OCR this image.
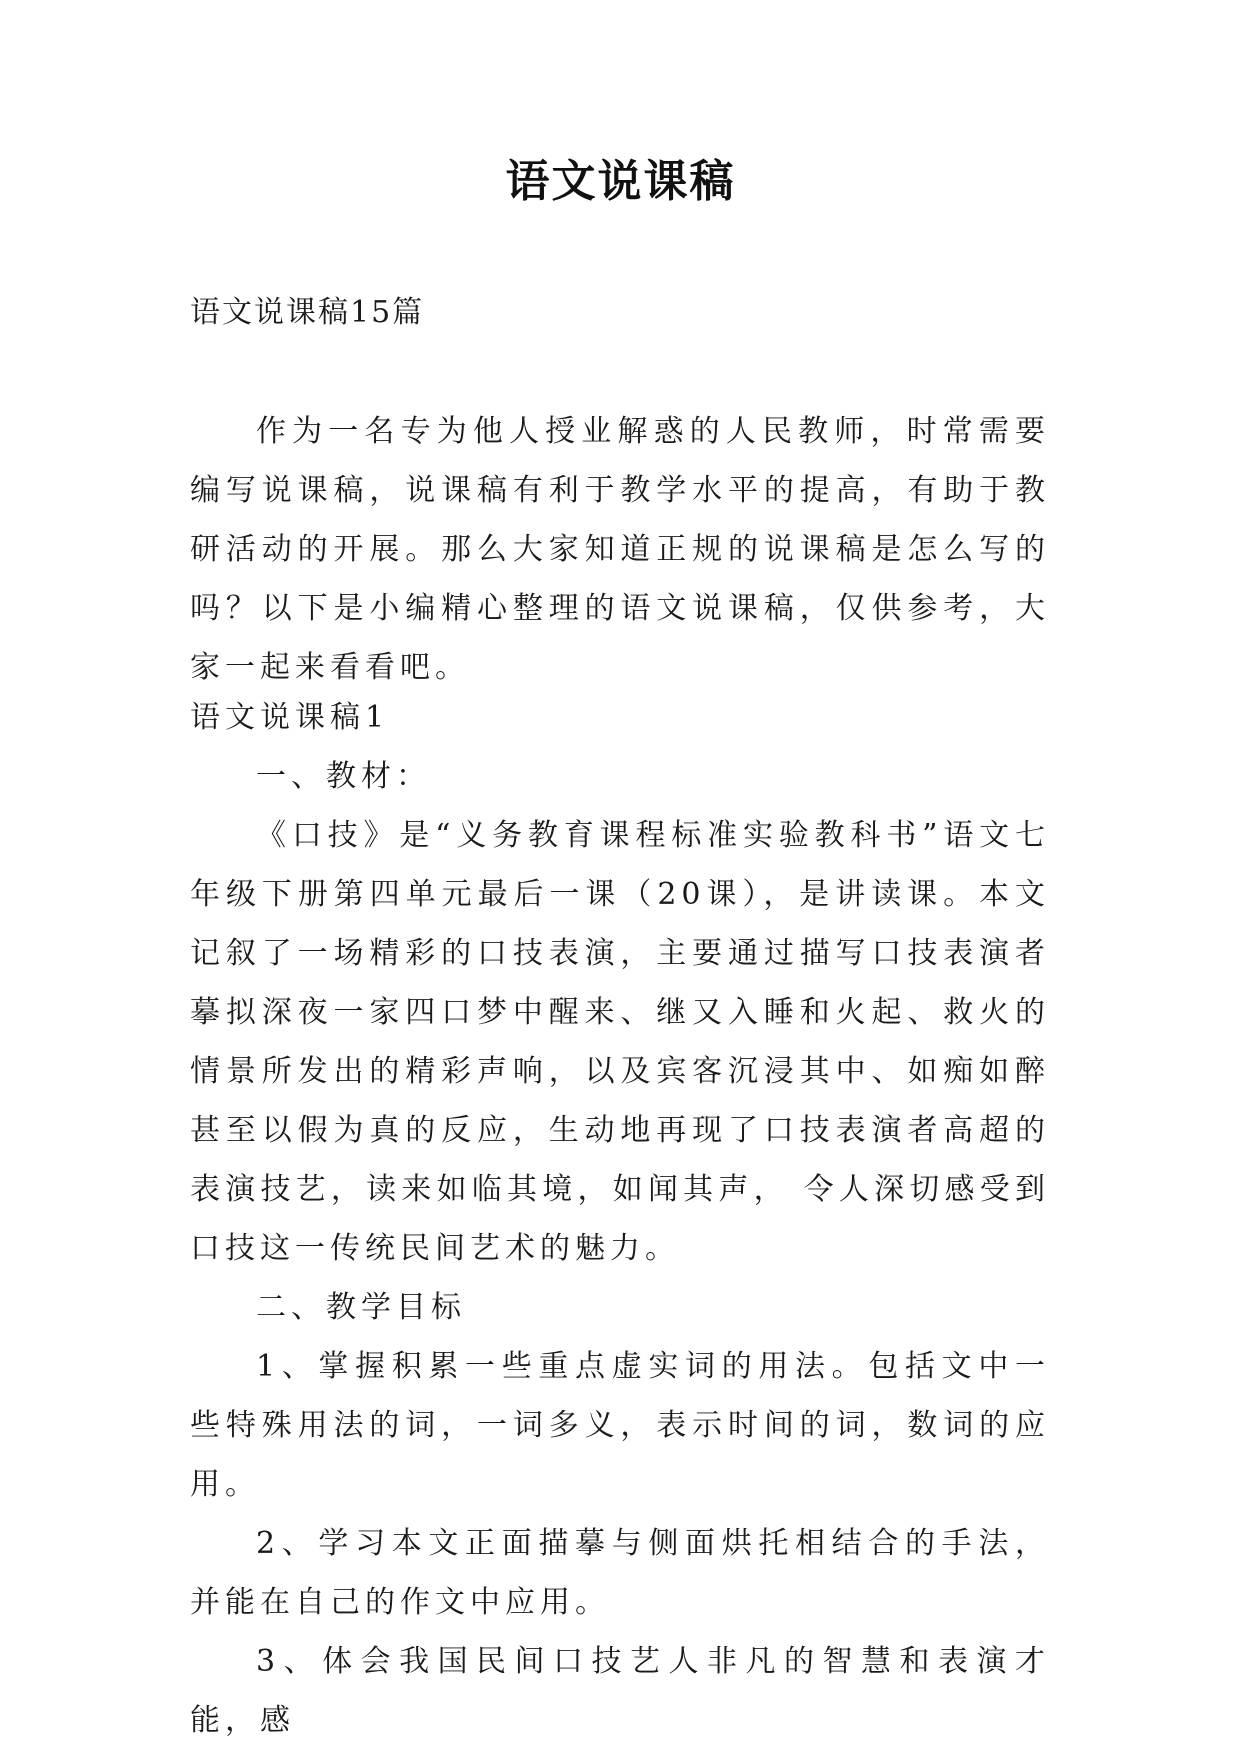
语文说课稿
语文说课稿15篇

作为一名专为他人授业解惑的人民教师，时常需要编写说课稿，说课稿有利于教学水平的提高，有助于教研活动的开展。那么大家知道正规的说课稿是怎么写的吗？以下是小编精心整理的语文说课稿，仅供参考，大家一起来看看吧。

语文说课稿1

一、教材：

《口技》是“义务教育课程标准实验教科书”语文七年级下册第四单元最后一课（20课），是讲读课。本文记叙了一场精彩的口技表演，主要通过描写口技表演者摹拟深夜一家四口梦中醒来、继又入睡和火起、救火的情景所发出的精彩声响，以及宾客沉浸其中、如痴如醉甚至以假为真的反应，生动地再现了口技表演者高超的表演技艺，读来如临其境，如闻其声， 令人深切感受到口技这一传统民间艺术的魅力。

二、教学目标

1、掌握积累一些重点虚实词的用法。包括文中一些特殊用法的词，一词多义，表示时间的词，数词的应用。

2、学习本文正面描摹与侧面烘托相结合的手法，并能在自己的作文中应用。

3、体会我国民间口技艺人非凡的智慧和表演才能，感
